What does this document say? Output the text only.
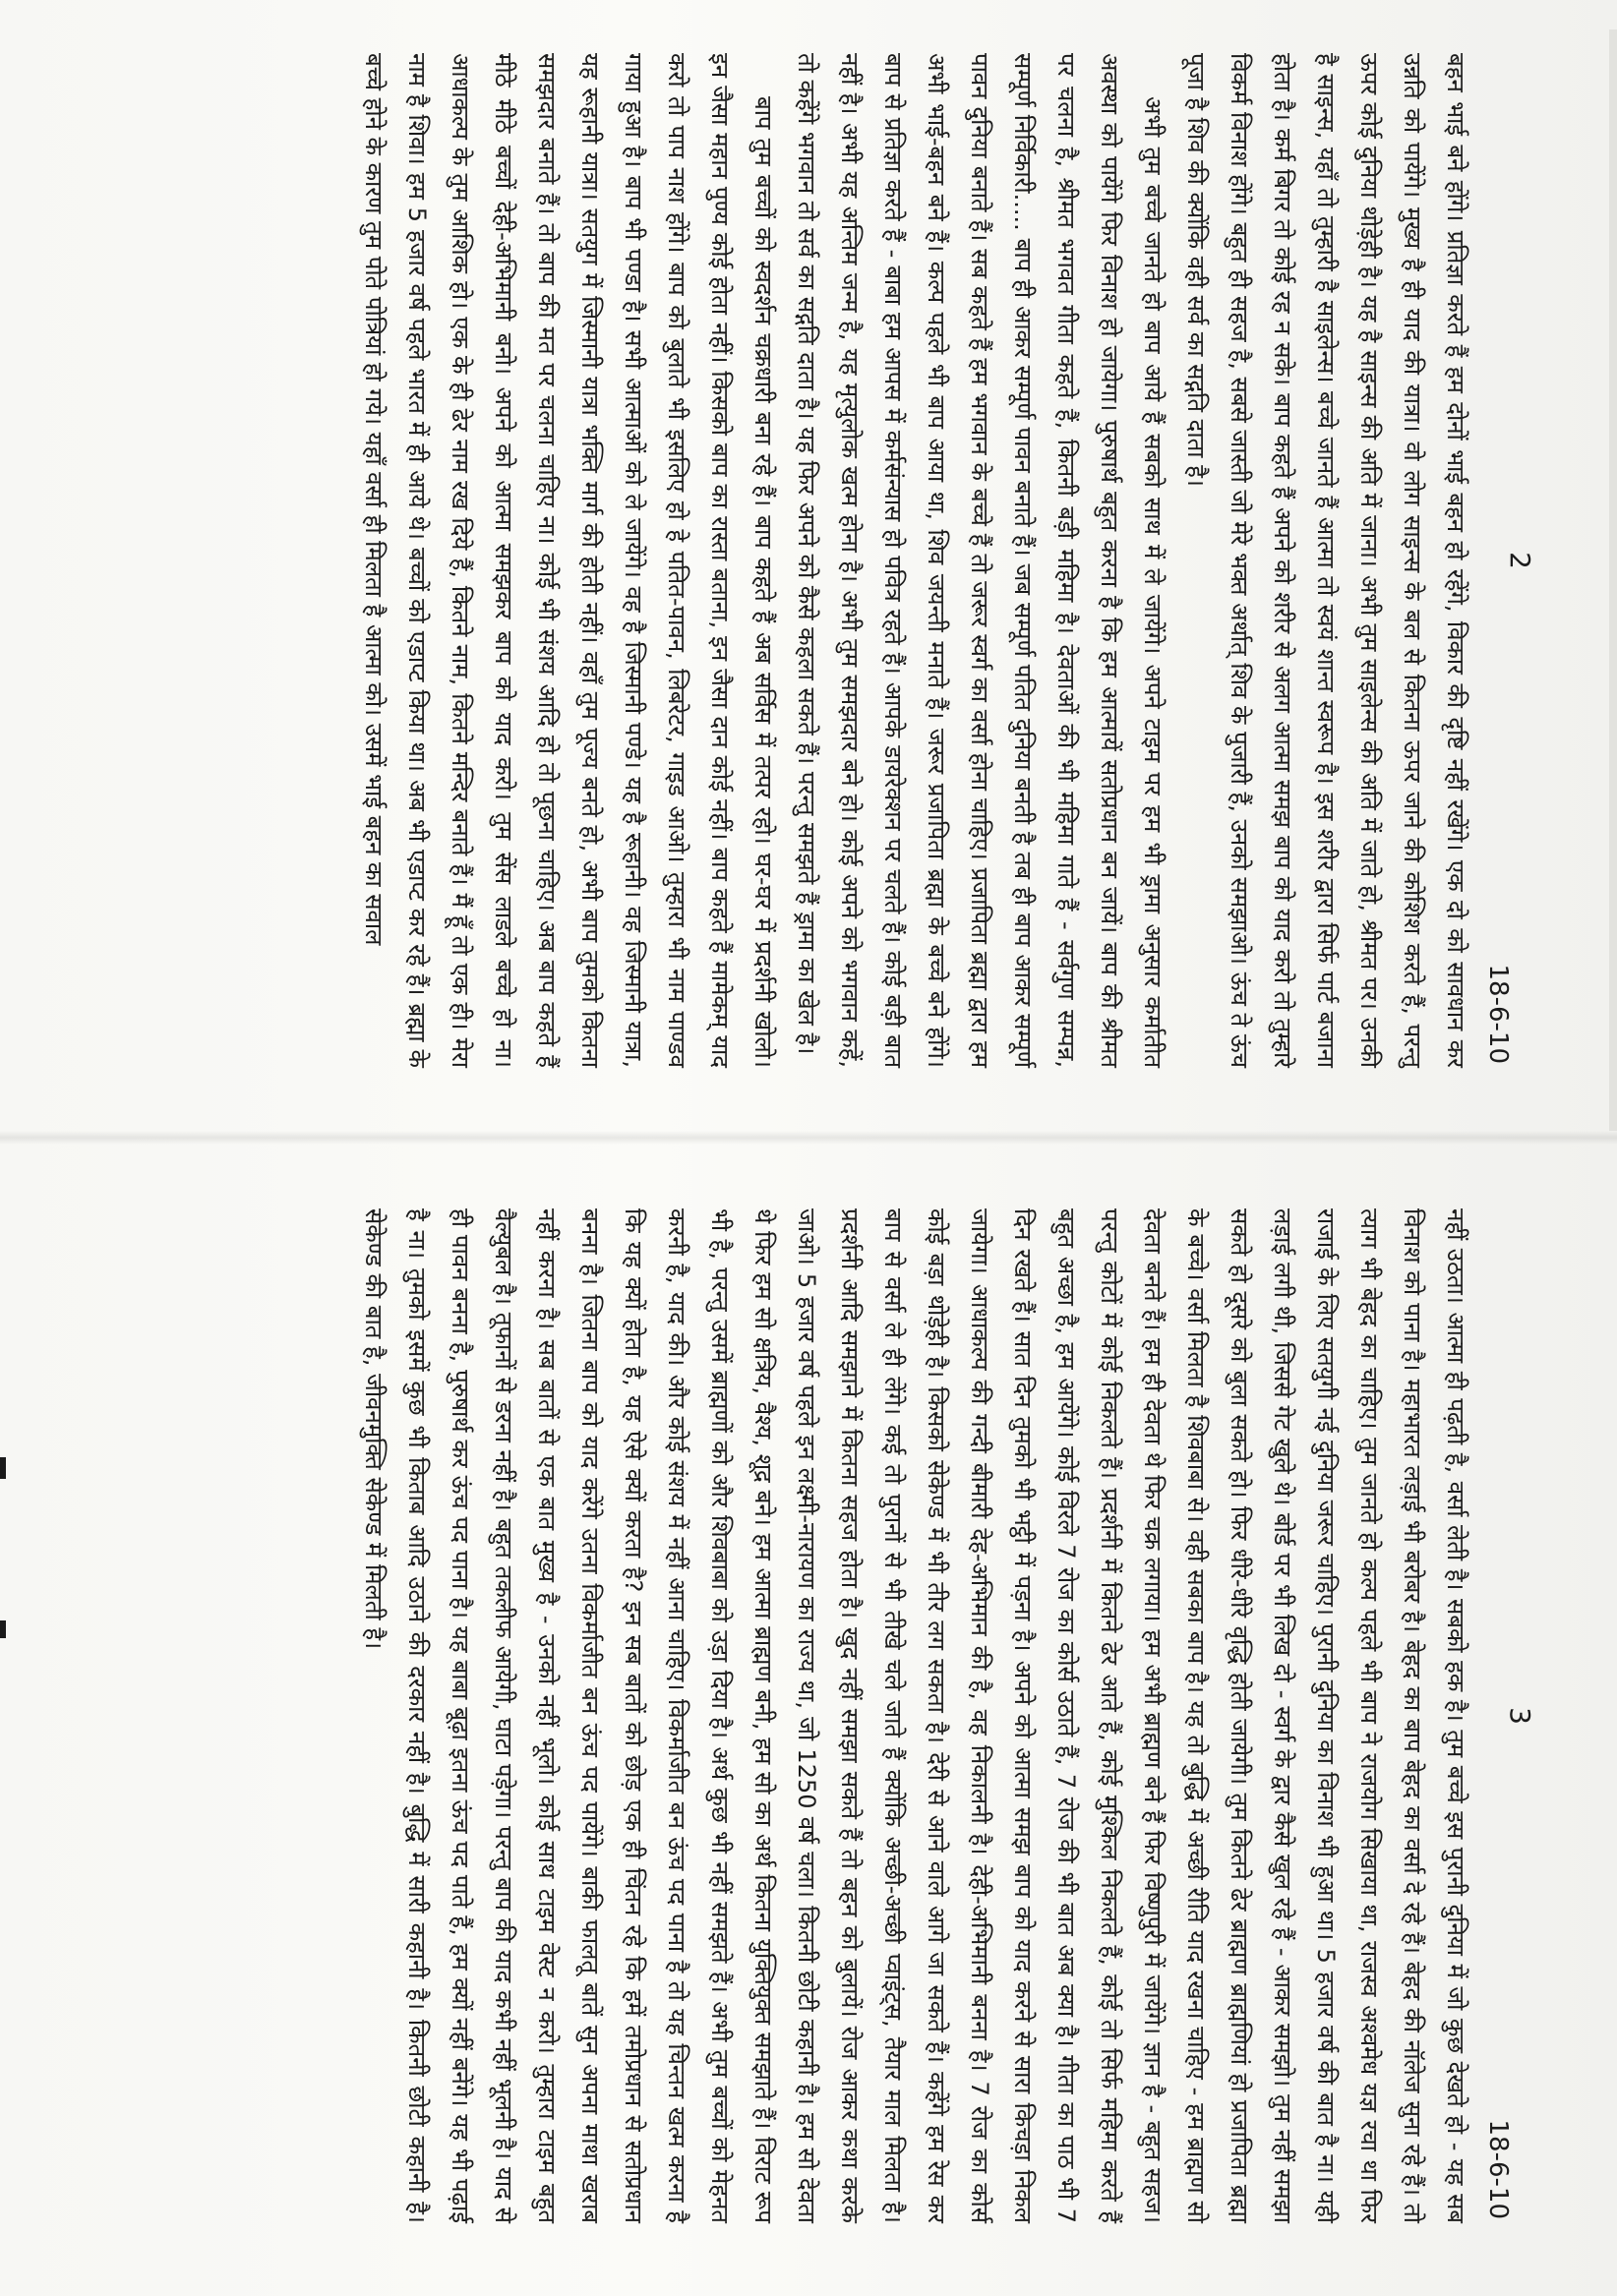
2
18-6-10

बहन भाई बने होंगे। प्रतिज्ञा करते हैं हम दोनों भाई बहन हो रहेंगे, विकार की दृष्टि नहीं रखेंगे। एक दो को सावधान कर उन्नति को पायेंगे। मुख्य है ही याद की यात्रा। वो लोग साइन्स के बल से कितना ऊपर जाने की कोशिश करते हैं, परन्तु ऊपर कोई दुनिया थोड़ेही है। यह है साइन्स की अति में जाना। अभी तुम साइलेन्स की अति में जाते हो, श्रीमत पर। उनकी है साइन्स, यहाँ तो तुम्हारी है साइलेन्स। बच्चे जानते हैं आत्मा तो स्वयं शान्त स्वरूप है। इस शरीर द्वारा सिर्फ पार्ट बजाना होता है। कर्म बिगर तो कोई रह न सके। बाप कहते हैं अपने को शरीर से अलग आत्मा समझ बाप को याद करो तो तुम्हारे विकर्म विनाश होंगे। बहुत ही सहज है, सबसे जास्ती जो मेरे भक्त अर्थात् शिव के पुजारी हैं, उनको समझाओ। ऊंच ते ऊंच पूजा है शिव की क्योंकि वही सर्व का सद्गति दाता है।

अभी तुम बच्चे जानते हो बाप आये हैं सबको साथ में ले जायेंगे। अपने टाइम पर हम भी ड्रामा अनुसार कर्मातीत अवस्था को पायेंगे फिर विनाश हो जायेगा। पुरुषार्थ बहुत करना है कि हम आत्मायें सतोप्रधान बन जायें। बाप की श्रीमत पर चलना है, श्रीमत भगवत गीता कहते हैं, कितनी बड़ी महिमा है। देवताओं की भी महिमा गाते हैं - सर्वगुण सम्पन्न, सम्पूर्ण निर्विकारी..... बाप ही आकर सम्पूर्ण पावन बनाते हैं। जब सम्पूर्ण पतित दुनिया बनती है तब ही बाप आकर सम्पूर्ण पावन दुनिया बनाते हैं। सब कहते हैं हम भगवान के बच्चे हैं तो जरूर स्वर्ग का वर्सा होना चाहिए। प्रजापिता ब्रह्मा द्वारा हम अभी भाई-बहन बने हैं। कल्प पहले भी बाप आया था, शिव जयन्ती मनाते हैं। जरूर प्रजापिता ब्रह्मा के बच्चे बने होंगे। बाप से प्रतिज्ञा करते हैं - बाबा हम आपस में कर्मसंन्यास हो पवित्र रहते हैं। आपके डायरेक्शन पर चलते हैं। कोई बड़ी बात नहीं है। अभी यह अन्तिम जन्म है, यह मृत्युलोक खत्म होना है। अभी तुम समझदार बने हो। कोई अपने को भगवान कहें, तो कहेंगे भगवान तो सर्व का सद्गति दाता है। यह फिर अपने को कैसे कहला सकते हैं। परन्तु समझते हैं ड्रामा का खेल है।

बाप तुम बच्चों को स्वदर्शन चक्रधारी बना रहे हैं। बाप कहते हैं अब सर्विस में तत्पर रहो। घर-घर में प्रदर्शनी खोलो। इन जैसा महान पुण्य कोई होता नहीं। किसको बाप का रास्ता बताना, इन जैसा दान कोई नहीं। बाप कहते हैं मामेकम् याद करो तो पाप नाश होंगे। बाप को बुलाते भी इसलिए हो हे पतित-पावन, लिबरेटर, गाइड आओ। तुम्हारा भी नाम पाण्डव गाया हुआ है। बाप भी पण्डा है। सभी आत्माओं को ले जायेंगे। वह है जिस्मानी पण्डे। यह है रूहानी। वह जिस्मानी यात्रा, यह रूहानी यात्रा। सतयुग में जिस्मानी यात्रा भक्ति मार्ग की होती नहीं। वहाँ तुम पूज्य बनते हो, अभी बाप तुमको कितना समझदार बनाते हैं। तो बाप की मत पर चलना चाहिए ना। कोई भी संशय आदि हो तो पूछना चाहिए। अब बाप कहते हैं मीठे मीठे बच्चों देही-अभिमानी बनो। अपने को आत्मा समझकर बाप को याद करो। तुम सेंस लाडले बच्चे हो ना। आधाकल्प के तुम आशिक हो। एक के ही ढेर नाम रख दिये हैं, कितने नाम, कितने मन्दिर बनाते हैं। मैं हूँ तो एक ही। मेरा नाम है शिवा। हम 5 हजार वर्ष पहले भारत में ही आये थे। बच्चों को एडाप्ट किया था। अब भी एडाप्ट कर रहे हैं। ब्रह्मा के बच्चे होने के कारण तुम पोते पोत्रियां हो गये। यहाँ वर्सा ही मिलता है आत्मा को। उसमें भाई बहन का सवाल

3
18-6-10

नहीं उठता। आत्मा ही पढ़ती है, वर्सा लेती है। सबको हक है। तुम बच्चे इस पुरानी दुनिया में जो कुछ देखते हो - यह सब विनाश को पाना है। महाभारत लड़ाई भी बरोबर है। बेहद का बाप बेहद का वर्सा दे रहे हैं। बेहद की नॉलेज सुना रहे हैं। तो त्याग भी बेहद का चाहिए। तुम जानते हो कल्प पहले भी बाप ने राजयोग सिखाया था, राजस्व अश्वमेध यज्ञ रचा था फिर राजाई के लिए सतयुगी नई दुनिया जरूर चाहिए। पुरानी दुनिया का विनाश भी हुआ था। 5 हजार वर्ष की बात है ना। यही लड़ाई लगी थी, जिससे गेट खुले थे। बोर्ड पर भी लिख दो - स्वर्ग के द्वार कैसे खुल रहे हैं - आकर समझो। तुम नहीं समझा सकते हो दूसरे को बुला सकते हो। फिर धीरे-धीरे वृद्धि होती जायेगी। तुम कितने ढेर ब्राह्मण ब्राह्मणियां हो प्रजापिता ब्रह्मा के बच्चे। वर्सा मिलता है शिवबाबा से। वही सबका बाप है। यह तो बुद्धि में अच्छी रीति याद रखना चाहिए - हम ब्राह्मण सो देवता बनते हैं। हम ही देवता थे फिर चक्र लगाया। हम अभी ब्राह्मण बने हैं फिर विष्णुपुरी में जायेंगे। ज्ञान है - बहुत सहज। परन्तु कोटों में कोई निकलते हैं। प्रदर्शनी में कितने ढेर आते हैं, कोई मुश्किल निकलते हैं, कोई तो सिर्फ महिमा करते हैं बहुत अच्छा है, हम आयेंगे। कोई विरले 7 रोज का कोर्स उठाते हैं, 7 रोज की भी बात अब क्या है। गीता का पाठ भी 7 दिन रखते हैं। सात दिन तुमको भी भट्ठी में पड़ना है। अपने को आत्मा समझ बाप को याद करने से सारा किचड़ा निकल जायेगा। आधाकल्प की गन्दी बीमारी देह-अभिमान की है, वह निकालनी है। देही-अभिमानी बनना है। 7 रोज का कोर्स कोई बड़ा थोड़ेही है। किसको सेकेण्ड में भी तीर लग सकता है। देरी से आने वाले आगे जा सकते हैं। कहेंगे हम रेस कर बाप से वर्सा ले ही लेंगे। कई तो पुरानों से भी तीखे चले जाते हैं क्योंकि अच्छी-अच्छी प्वाइंट्स, तैयार माल मिलता है। प्रदर्शनी आदि समझाने में कितना सहज होता है। खुद नहीं समझा सकते हैं तो बहन को बुलायें। रोज आकर कथा करके जाओ। 5 हजार वर्ष पहले इन लक्ष्मी-नारायण का राज्य था, जो 1250 वर्ष चला। कितनी छोटी कहानी है। हम सो देवता थे फिर हम सो क्षत्रिय, वैश्य, शूद्र बने। हम आत्मा ब्राह्मण बनी, हम सो का अर्थ कितना युक्तियुक्त समझाते हैं। विराट रूप भी है, परन्तु उसमें ब्राह्मणों को और शिवबाबा को उड़ा दिया है। अर्थ कुछ भी नहीं समझते हैं। अभी तुम बच्चों को मेहनत करनी है, याद की। और कोई संशय में नहीं आना चाहिए। विकर्माजीत बन ऊंच पद पाना है तो यह चिन्तन खत्म करना है कि यह क्यों होता है, यह ऐसे क्यों करता है? इन सब बातों को छोड़ एक ही चिंतन रहे कि हमें तमोप्रधान से सतोप्रधान बनना है। जितना बाप को याद करेंगे उतना विकर्माजीत बन ऊंच पद पायेंगे। बाकी फालतू बातें सुन अपना माथा खराब नहीं करना है। सब बातों से एक बात मुख्य है - उनको नहीं भूलो। कोई साथ टाइम वेस्ट न करो। तुम्हारा टाइम बहुत वैल्युबल है। तूफानों से डरना नहीं है। बहुत तकलीफ आयेगी, घाटा पड़ेगा। परन्तु बाप की याद कभी नहीं भूलनी है। याद से ही पावन बनना है, पुरुषार्थ कर ऊंच पद पाना है। यह बाबा बूढ़ा इतना ऊंच पद पाते हैं, हम क्यों नहीं बनेंगे। यह भी पढ़ाई है ना। तुमको इसमें कुछ भी किताब आदि उठाने की दरकार नहीं है। बुद्धि में सारी कहानी है। कितनी छोटी कहानी है। सेकेण्ड की बात है, जीवनमुक्ति सेकेण्ड में मिलती है।
